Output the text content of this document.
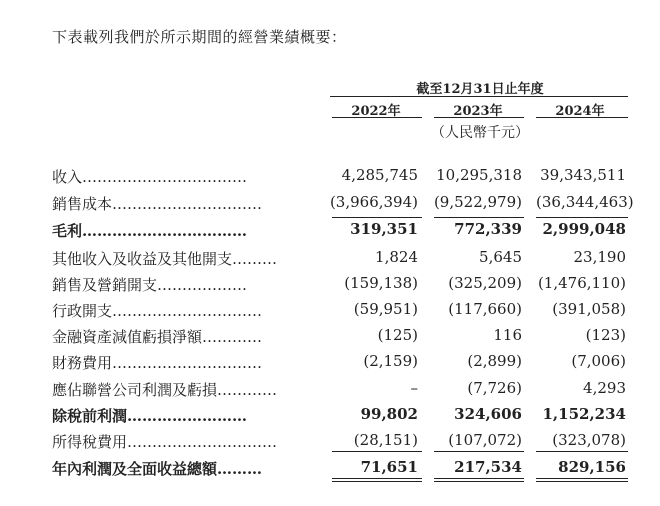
下表載列我們於所示期間的經營業績概要：
截至12月31日止年度
2022年	2023年	2024年
（人民幣千元）
收入……………………………	4,285,745 10,295,318 39,343,511
銷售成本…………………………	(3,966,394) (9,522,979) (36,344,463)
毛利……………………………	319,351	772,339	2,999,048
其他收入及收益及其他開支………	1,824	5,645	23,190
銷售及營銷開支………………	(159,138)	(325,209) (1,476,110)
行政開支…………………………	(59,951)	(117,660)	(391,058)
金融資產減值虧損淨額…………	(125)	116	(123)
財務費用…………………………	(2,159)	(2,899)	(7,006)
應佔聯營公司利潤及虧損…………	–	(7,726)	4,293
除稅前利潤……………………	99,802	324,606	1,152,234
所得稅費用…………………………	(28,151)	(107,072)	(323,078)
年內利潤及全面收益總額………	71,651	217,534	829,156
